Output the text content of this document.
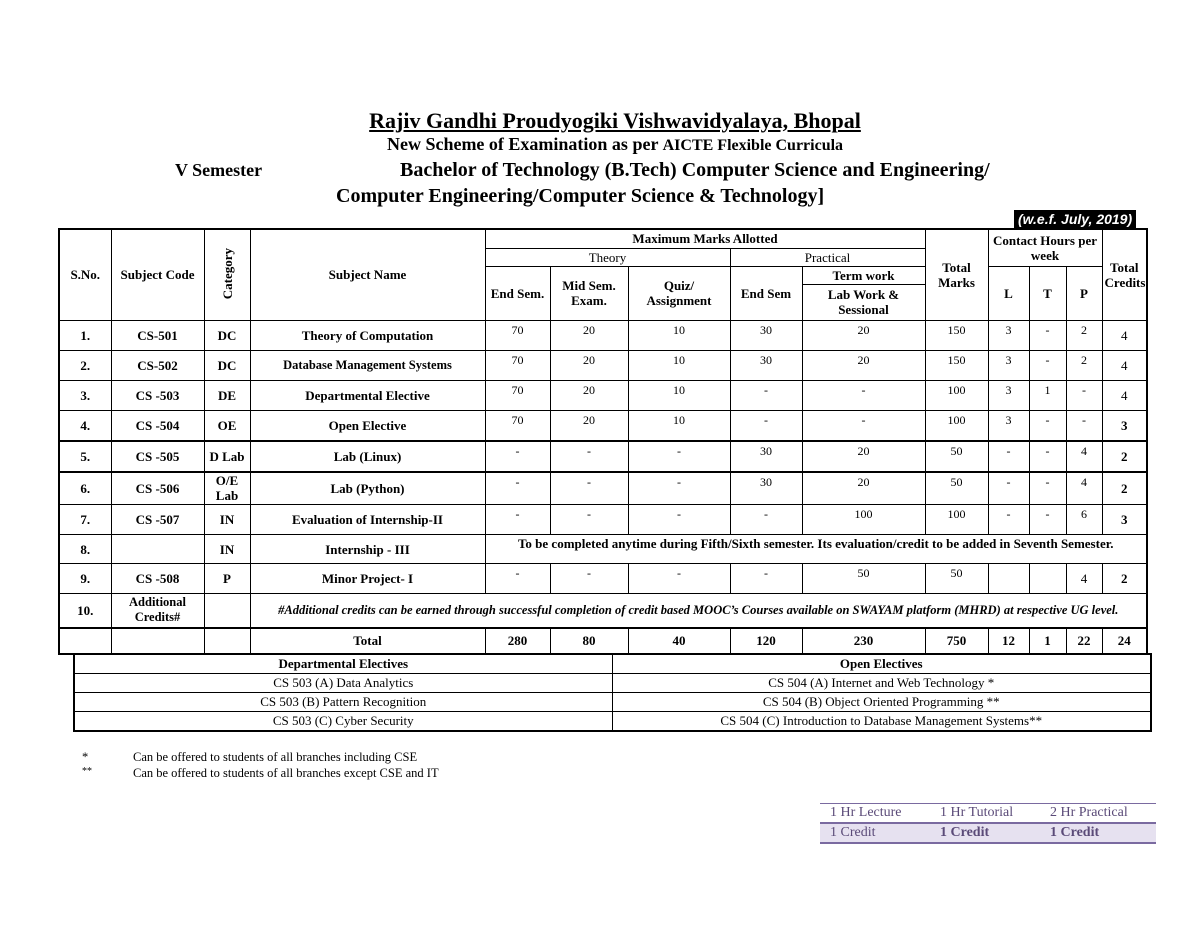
Rajiv Gandhi Proudyogiki Vishwavidyalaya, Bhopal
New Scheme of Examination as per AICTE Flexible Curricula
V Semester	Bachelor of Technology (B.Tech) Computer Science and Engineering/
Computer Engineering/Computer Science & Technology]
(w.e.f. July, 2019)
S.No.	Subject Code	Category	Subject Name	Maximum Marks Allotted					Total Marks	Contact Hours per week			Total Credits
				Theory			Practical						
				End Sem.	Mid Sem. Exam.	Quiz/ Assignment	End Sem	Term work		L	T	P	
								Lab Work & Sessional					
1.	CS-501	DC	Theory of Computation	70	20	10	30	20	150	3	-	2	4
2.	CS-502	DC	Database Management Systems	70	20	10	30	20	150	3	-	2	4
3.	CS -503	DE	Departmental Elective	70	20	10	-	-	100	3	1	-	4
4.	CS -504	OE	Open Elective	70	20	10	-	-	100	3	-	-	3
5.	CS -505	D Lab	Lab (Linux)	-	-	-	30	20	50	-	-	4	2
6.	CS -506	O/E Lab	Lab (Python)	-	-	-	30	20	50	-	-	4	2
7.	CS -507	IN	Evaluation of Internship-II	-	-	-	-	100	100	-	-	6	3
8.		IN	Internship - III	To be completed anytime during Fifth/Sixth semester. Its evaluation/credit to be added in Seventh Semester.									
9.	CS -508	P	Minor Project- I	-	-	-	-	50	50			4	2
10.	Additional Credits#		#Additional credits can be earned through successful completion of credit based MOOC’s Courses available on SWAYAM platform (MHRD) at respective UG level.										
			Total	280	80	40	120	230	750	12	1	22	24
Departmental Electives	Open Electives
CS 503 (A) Data Analytics	CS 504 (A) Internet and Web Technology *
CS 503 (B) Pattern Recognition	CS 504 (B) Object Oriented Programming **
CS 503 (C) Cyber Security	CS 504 (C) Introduction to Database Management Systems**
*	Can be offered to students of all branches including CSE
**	Can be offered to students of all branches except CSE and IT
1 Hr Lecture	1 Hr Tutorial	2 Hr Practical
1 Credit	1 Credit	1 Credit
